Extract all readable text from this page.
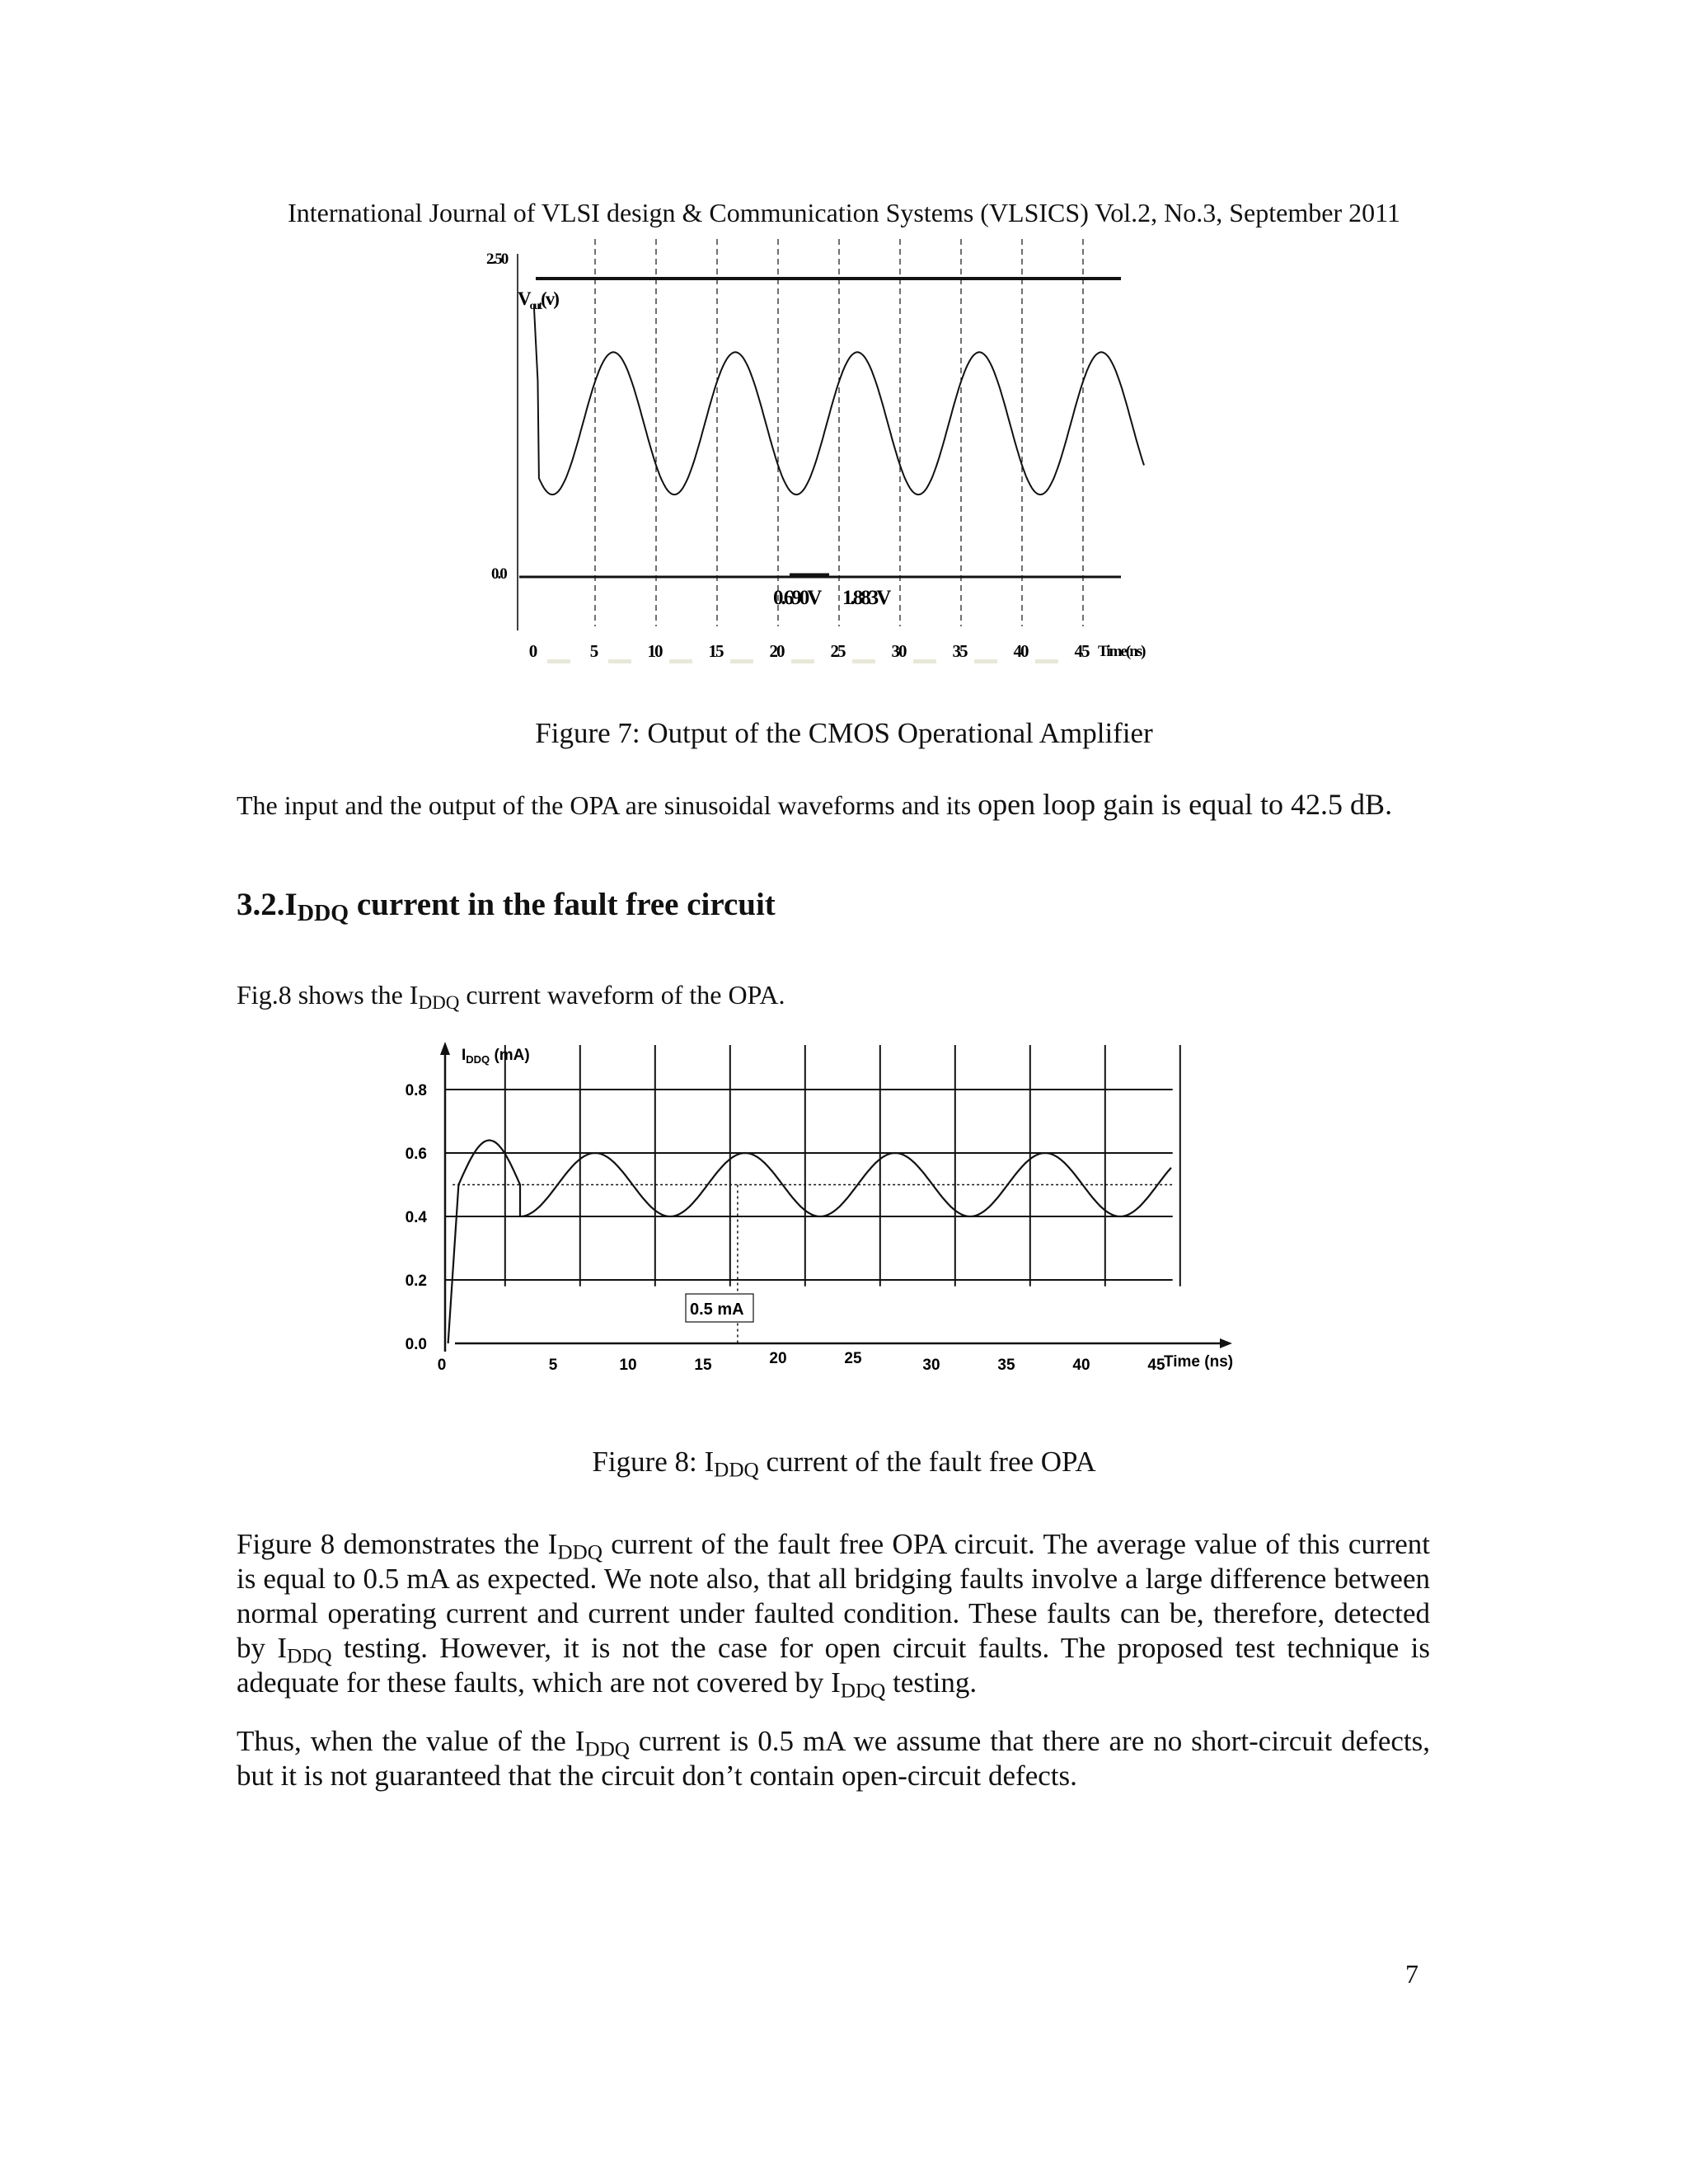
International Journal of VLSI design & Communication Systems (VLSICS) Vol.2, No.3, September 2011
2.50
0.0
$V_{out}(v)$
0.690V 1.883V
0	5	10	15	20	25	30	35	40	45 Time(ns)
Figure 7: Output of the CMOS Operational Amplifier
The input and the output of the OPA are sinusoidal waveforms and its open loop gain is equal to 42.5 dB.
$3.2.I_{DDQ}$ current in the fault free circuit
Fig.8 shows the $I_{DDQ}$ current waveform of the OPA.
0.8
0.6
0.4
0.2
0.0
0	5	10	15	20	25	30	35	40	45
$I_{DDQ}$ (mA)
0.5 mA
Time (ns)
Figure 8: $I_{DDQ}$ current of the fault free OPA
Figure 8 demonstrates the $I_{DDQ}$ current of the fault free OPA circuit. The average value of this current is equal to 0.5 mA as expected. We note also, that all bridging faults involve a large difference between normal operating current and current under faulted condition. These faults can be, therefore, detected by $I_{DDQ}$ testing. However, it is not the case for open circuit faults. The proposed test technique is adequate for these faults, which are not covered by $I_{DDQ}$ testing.
Thus, when the value of the $I_{DDQ}$ current is 0.5 mA we assume that there are no short-circuit defects, but it is not guaranteed that the circuit don’t contain open-circuit defects.
7
